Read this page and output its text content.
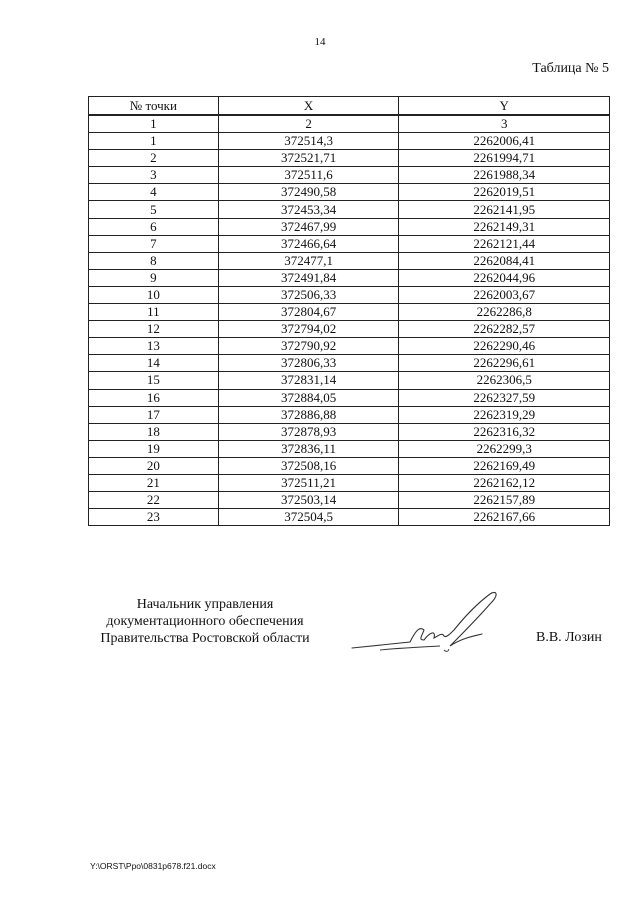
14
Таблица № 5
№ точки	X	Y
1	2	3
1	372514,3	2262006,41
2	372521,71	2261994,71
3	372511,6	2261988,34
4	372490,58	2262019,51
5	372453,34	2262141,95
6	372467,99	2262149,31
7	372466,64	2262121,44
8	372477,1	2262084,41
9	372491,84	2262044,96
10	372506,33	2262003,67
11	372804,67	2262286,8
12	372794,02	2262282,57
13	372790,92	2262290,46
14	372806,33	2262296,61
15	372831,14	2262306,5
16	372884,05	2262327,59
17	372886,88	2262319,29
18	372878,93	2262316,32
19	372836,11	2262299,3
20	372508,16	2262169,49
21	372511,21	2262162,12
22	372503,14	2262157,89
23	372504,5	2262167,66
Начальник управления
документационного обеспечения
Правительства Ростовской области	В.В. Лозин
Y:\ORST\Ppo\0831p678.f21.docx
